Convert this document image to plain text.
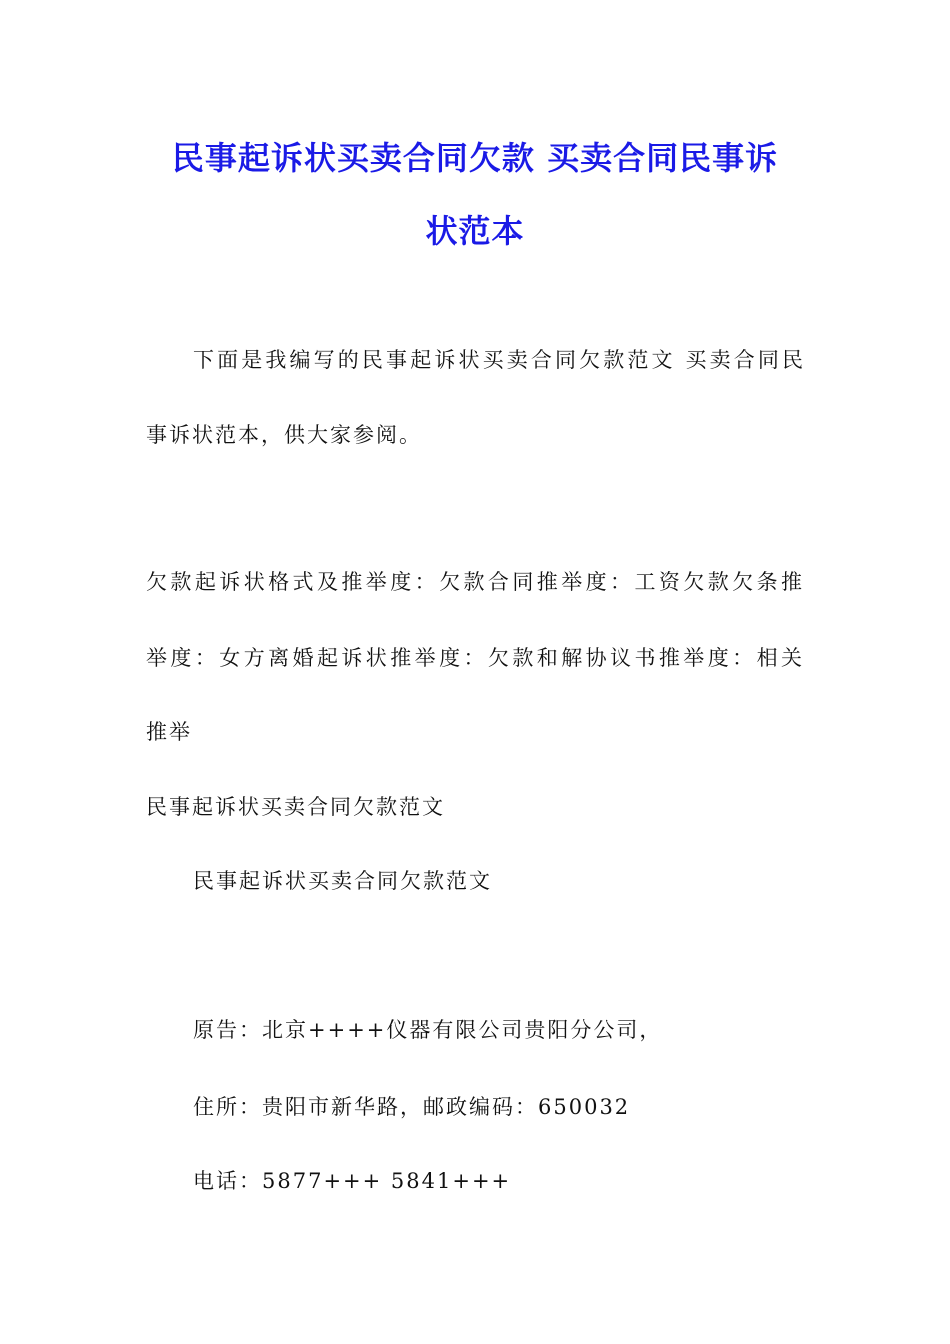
民事起诉状买卖合同欠款 买卖合同民事诉
状范本
下面是我编写的民事起诉状买卖合同欠款范文 买卖合同民
事诉状范本，供大家参阅。
欠款起诉状格式及推举度：欠款合同推举度：工资欠款欠条推
举度：女方离婚起诉状推举度：欠款和解协议书推举度：相关
推举
民事起诉状买卖合同欠款范文
民事起诉状买卖合同欠款范文
原告：北京++++仪器有限公司贵阳分公司，
住所：贵阳市新华路，邮政编码：650032
电话：5877+++ 5841+++
